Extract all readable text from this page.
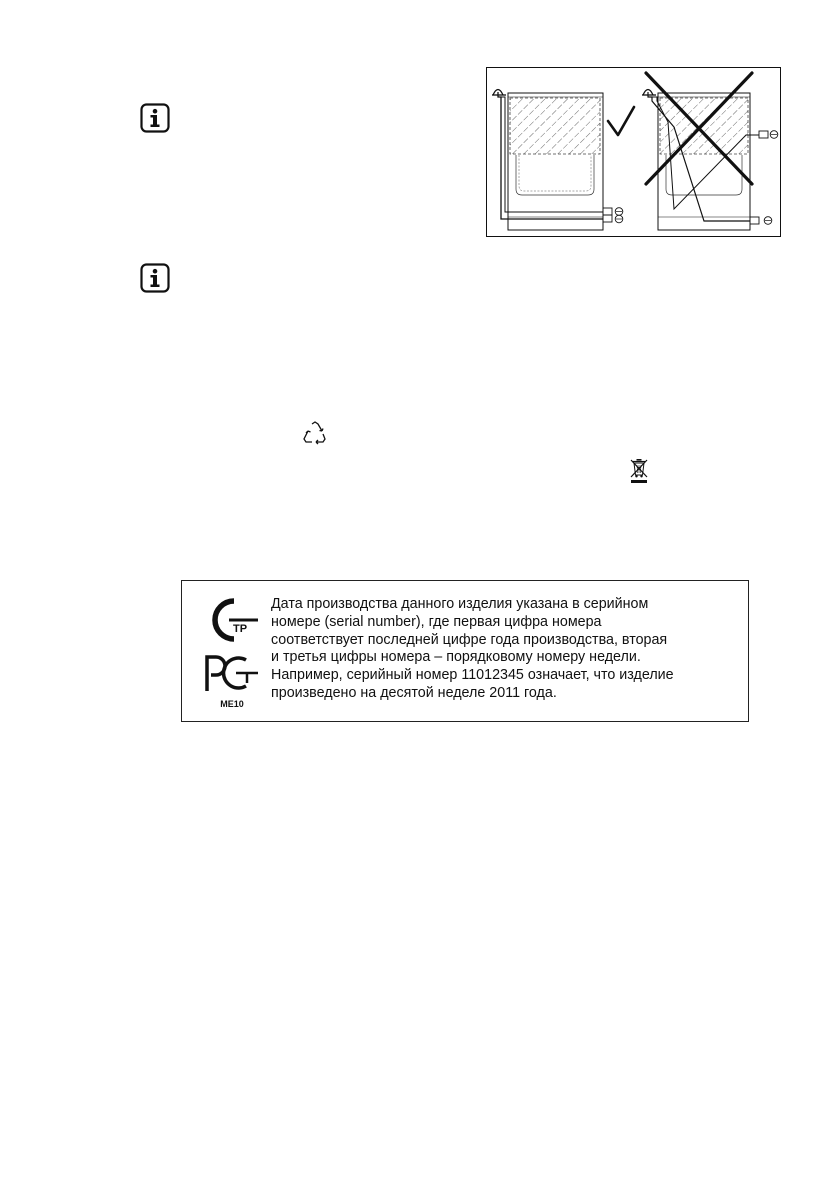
ТР
МЕ10

Дата производства данного изделия указана в серийном

номере (serial number), где первая цифра номера

соответствует последней цифре года производства, вторая

и третья цифры номера – порядковому номеру недели.

Например, серийный номер 11012345 означает, что изделие

произведено на десятой неделе 2011 года.
